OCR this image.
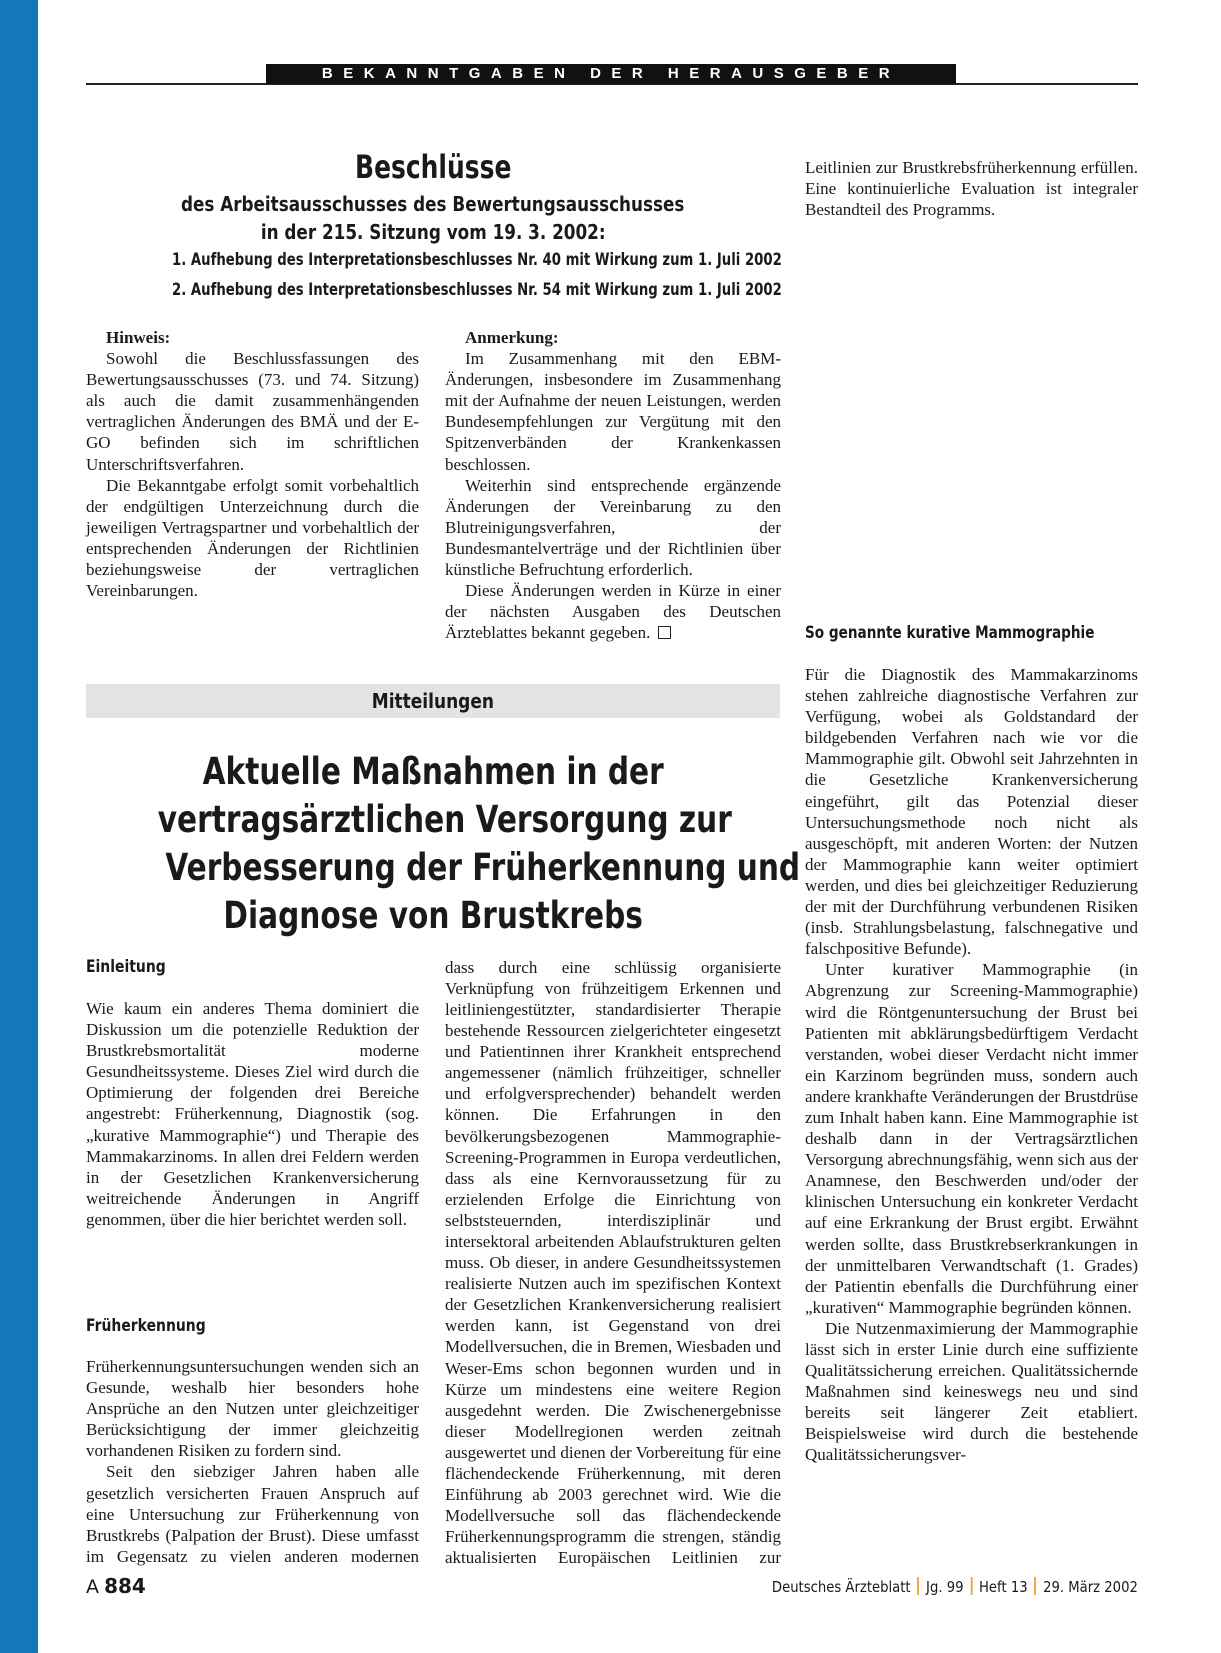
BEKANNTGABEN DER HERAUSGEBER
Beschlüsse
des Arbeitsausschusses des Bewertungsausschusses
in der 215. Sitzung vom 19. 3. 2002:
1. Aufhebung des Interpretationsbeschlusses Nr. 40 mit Wirkung zum 1. Juli 2002
2. Aufhebung des Interpretationsbeschlusses Nr. 54 mit Wirkung zum 1. Juli 2002

Hinweis:

Sowohl die Beschlussfassungen des Bewertungsausschusses (73. und 74. Sitzung) als auch die damit zusammenhängenden vertraglichen Änderungen des BMÄ und der E-GO befinden sich im schriftlichen Unterschriftsverfahren.

Die Bekanntgabe erfolgt somit vorbehaltlich der endgültigen Unterzeichnung durch die jeweiligen Vertragspartner und vorbehaltlich der entsprechenden Änderungen der Richtlinien beziehungsweise der vertraglichen Vereinbarungen.

Anmerkung:

Im Zusammenhang mit den EBM-Änderungen, insbesondere im Zusammenhang mit der Aufnahme der neuen Leistungen, werden Bundesempfehlungen zur Vergütung mit den Spitzenverbänden der Krankenkassen beschlossen.

Weiterhin sind entsprechende ergänzende Änderungen der Vereinbarung zu den Blutreinigungsverfahren, der Bundesmantelverträge und der Richtlinien über künstliche Befruchtung erforderlich.

Diese Änderungen werden in Kürze in einer der nächsten Ausgaben des Deutschen Ärzteblattes bekannt gegeben.

Mitteilungen
Aktuelle Maßnahmen in der
vertragsärztlichen Versorgung zur
Verbesserung der Früherkennung und
Diagnose von Brustkrebs
Einleitung

Wie kaum ein anderes Thema dominiert die Diskussion um die potenzielle Reduktion der Brustkrebsmortalität moderne Gesundheitssysteme. Dieses Ziel wird durch die Optimierung der folgenden drei Bereiche angestrebt: Früherkennung, Diagnostik (sog. „kurative Mammographie“) und Therapie des Mammakarzinoms. In allen drei Feldern werden in der Gesetzlichen Krankenversicherung weitreichende Änderungen in Angriff genommen, über die hier berichtet werden soll.

Früherkennung

Früherkennungsuntersuchungen wenden sich an Gesunde, weshalb hier besonders hohe Ansprüche an den Nutzen unter gleichzeitiger Berücksichtigung der immer gleichzeitig vorhandenen Risiken zu fordern sind.

Seit den siebziger Jahren haben alle gesetzlich versicherten Frauen Anspruch auf eine Untersuchung zur Früherkennung von Brustkrebs (Palpation der Brust). Diese umfasst im Gegensatz zu vielen anderen modernen

dass durch eine schlüssig organisierte Verknüpfung von frühzeitigem Erkennen und leitliniengestützter, standardisierter Therapie bestehende Ressourcen zielgerichteter eingesetzt und Patientinnen ihrer Krankheit entsprechend angemessener (nämlich frühzeitiger, schneller und erfolgversprechender) behandelt werden können. Die Erfahrungen in den bevölkerungsbezogenen Mammographie-Screening-Programmen in Europa verdeutlichen, dass als eine Kernvoraussetzung für zu erzielenden Erfolge die Einrichtung von selbststeuernden, interdisziplinär und intersektoral arbeitenden Ablaufstrukturen gelten muss. Ob dieser, in andere Gesundheitssystemen realisierte Nutzen auch im spezifischen Kontext der Gesetzlichen Krankenversicherung realisiert werden kann, ist Gegenstand von drei Modellversuchen, die in Bremen, Wiesbaden und Weser-Ems schon begonnen wurden und in Kürze um mindestens eine weitere Region ausgedehnt werden. Die Zwischenergebnisse dieser Modellregionen werden zeitnah ausgewertet und dienen der Vorbereitung für eine flächendeckende Früherkennung, mit deren Einführung ab 2003 gerechnet wird. Wie die Modellversuche soll das flächendeckende Früherkennungsprogramm die strengen, ständig aktualisierten Europäischen Leitlinien zur

Leitlinien zur Brustkrebsfrüherkennung erfüllen. Eine kontinuierliche Evaluation ist integraler Bestandteil des Programms.

So genannte kurative Mammographie

Für die Diagnostik des Mammakarzinoms stehen zahlreiche diagnostische Verfahren zur Verfügung, wobei als Goldstandard der bildgebenden Verfahren nach wie vor die Mammographie gilt. Obwohl seit Jahrzehnten in die Gesetzliche Krankenversicherung eingeführt, gilt das Potenzial dieser Untersuchungsmethode noch nicht als ausgeschöpft, mit anderen Worten: der Nutzen der Mammographie kann weiter optimiert werden, und dies bei gleichzeitiger Reduzierung der mit der Durchführung verbundenen Risiken (insb. Strahlungsbelastung, falschnegative und falschpositive Befunde).

Unter kurativer Mammographie (in Abgrenzung zur Screening-Mammographie) wird die Röntgenuntersuchung der Brust bei Patienten mit abklärungsbedürftigem Verdacht verstanden, wobei dieser Verdacht nicht immer ein Karzinom begründen muss, sondern auch andere krankhafte Veränderungen der Brustdrüse zum Inhalt haben kann. Eine Mammographie ist deshalb dann in der Vertragsärztlichen Versorgung abrechnungsfähig, wenn sich aus der Anamnese, den Beschwerden und/oder der klinischen Untersuchung ein konkreter Verdacht auf eine Erkrankung der Brust ergibt. Erwähnt werden sollte, dass Brustkrebserkrankungen in der unmittelbaren Verwandtschaft (1. Grades) der Patientin ebenfalls die Durchführung einer „kurativen“ Mammographie begründen können.

Die Nutzenmaximierung der Mammographie lässt sich in erster Linie durch eine suffiziente Qualitätssicherung erreichen. Qualitätssichernde Maßnahmen sind keineswegs neu und sind bereits seit längerer Zeit etabliert. Beispielsweise wird durch die bestehende Qualitätssicherungsver-

A 884	Deutsches Ärzteblatt Jg. 99 Heft 13 29. März 2002
